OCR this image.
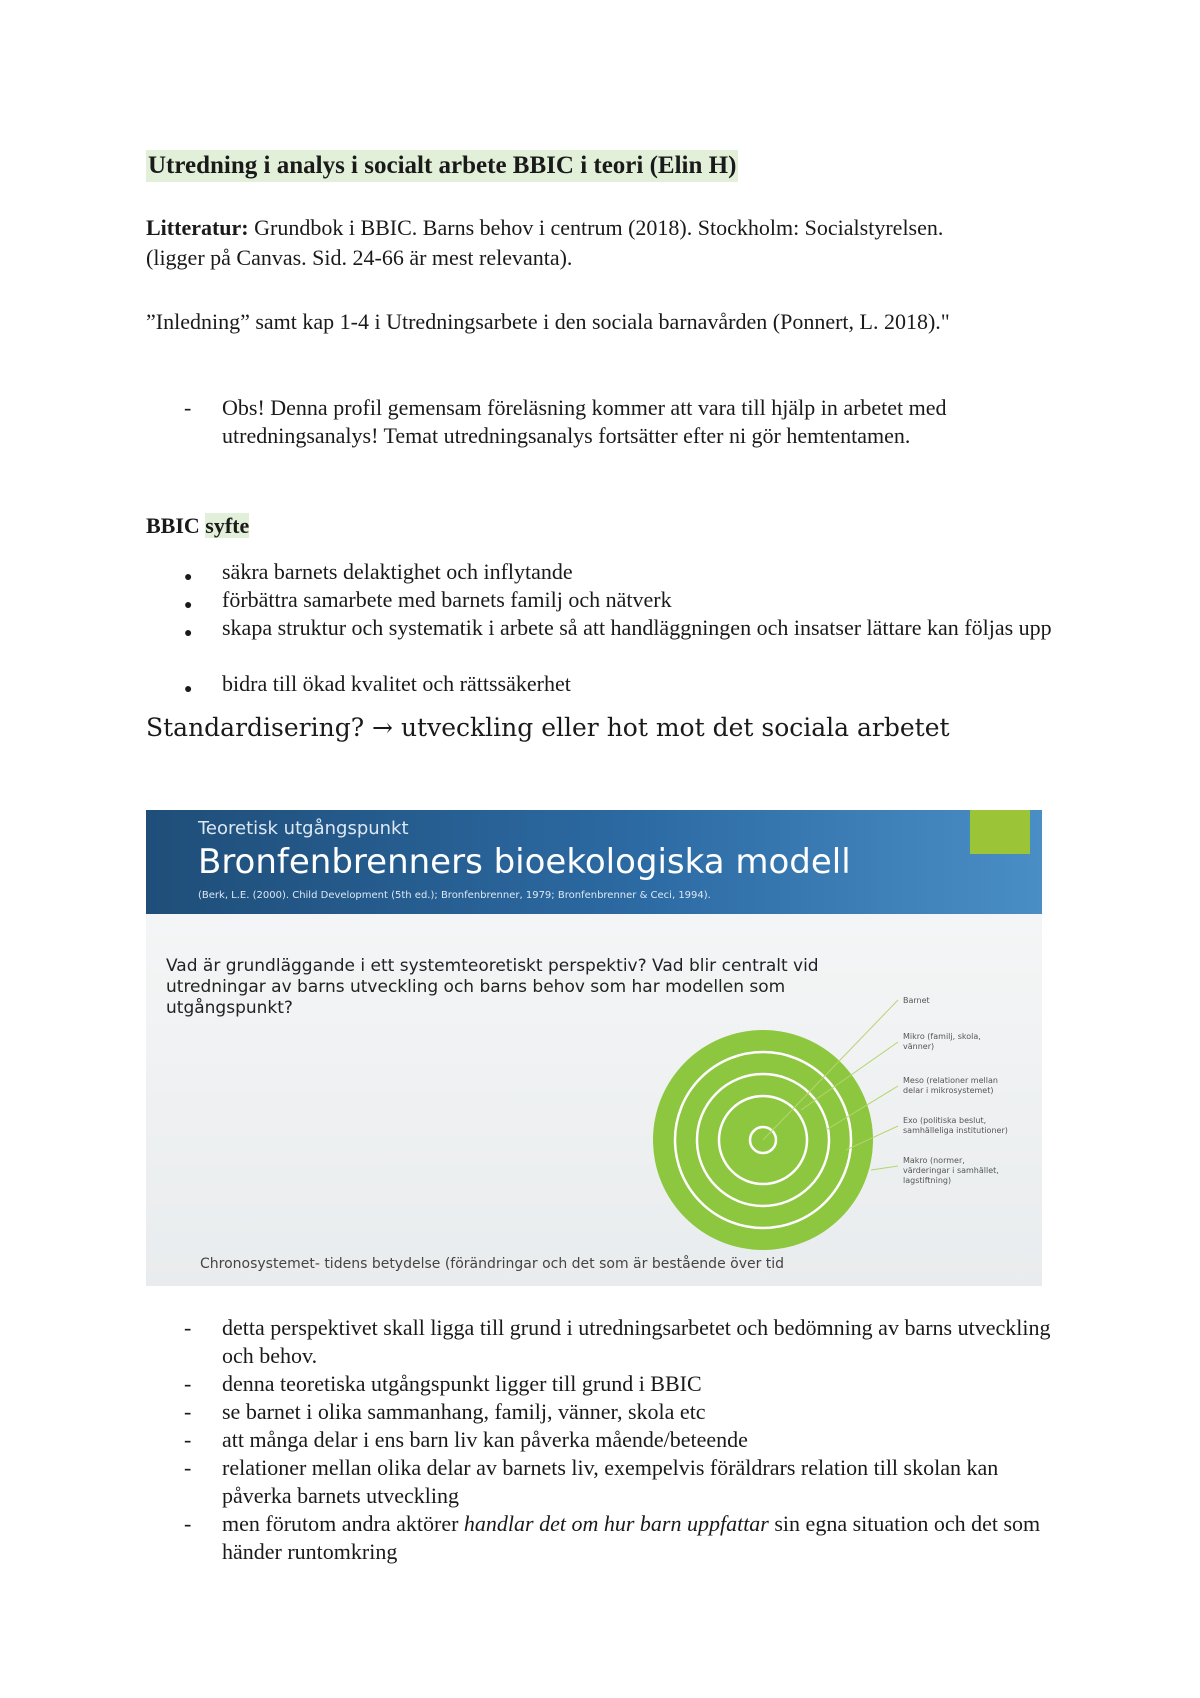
Utredning i analys i socialt arbete BBIC i teori (Elin H)
Litteratur: Grundbok i BBIC. Barns behov i centrum (2018). Stockholm: Socialstyrelsen.
(ligger på Canvas. Sid. 24-66 är mest relevanta).
”Inledning” samt kap 1-4 i Utredningsarbete i den sociala barnavården (Ponnert, L. 2018)."
- Obs! Denna profil gemensam föreläsning kommer att vara till hjälp in arbetet med utredningsanalys! Temat utredningsanalys fortsätter efter ni gör hemtentamen.
BBIC syfte
● säkra barnets delaktighet och inflytande
● förbättra samarbete med barnets familj och nätverk
● skapa struktur och systematik i arbete så att handläggningen och insatser lättare kan följas upp
● bidra till ökad kvalitet och rättssäkerhet
Standardisering? → utveckling eller hot mot det sociala arbetet
Teoretisk utgångspunkt
Bronfenbrenners bioekologiska modell
(Berk, L.E. (2000). Child Development (5th ed.); Bronfenbrenner, 1979; Bronfenbrenner & Ceci, 1994).
Vad är grundläggande i ett systemteoretiskt perspektiv? Vad blir centralt vid utredningar av barns utveckling och barns behov som har modellen som utgångspunkt?	Barnet
Mikro (familj, skola, vänner)
Meso (relationer mellan delar i mikrosystemet)
Exo (politiska beslut, samhälleliga institutioner)
Makro (normer, värderingar i samhället, lagstiftning)
Chronosystemet- tidens betydelse (förändringar och det som är bestående över tid
- detta perspektivet skall ligga till grund i utredningsarbetet och bedömning av barns utveckling och behov.
- denna teoretiska utgångspunkt ligger till grund i BBIC
- se barnet i olika sammanhang, familj, vänner, skola etc
- att många delar i ens barn liv kan påverka mående/beteende
- relationer mellan olika delar av barnets liv, exempelvis föräldrars relation till skolan kan påverka barnets utveckling
- men förutom andra aktörer handlar det om hur barn uppfattar sin egna situation och det som händer runtomkring
